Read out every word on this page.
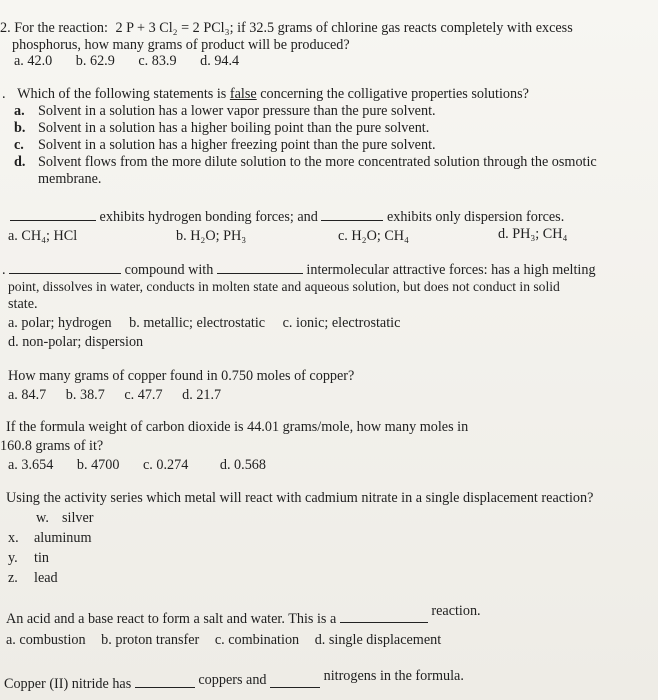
2. For the reaction: 2 P + 3 Cl₂ = 2 PCl₃; if 32.5 grams of chlorine gas reacts completely with excess
phosphorus, how many grams of product will be produced?
a. 42.0 b. 62.9 c. 83.9 d. 94.4
. Which of the following statements is false concerning the colligative properties solutions?
a. Solvent in a solution has a lower vapor pressure than the pure solvent.
b. Solvent in a solution has a higher boiling point than the pure solvent.
c. Solvent in a solution has a higher freezing point than the pure solvent.
d. Solvent flows from the more dilute solution to the more concentrated solution through the osmotic
membrane.
exhibits hydrogen bonding forces; and	exhibits only dispersion forces.
a. CH₄; HCl	b. H₂O; PH₃	c. H₂O; CH₄	d. PH₃; CH₄
.	compound with	intermolecular attractive forces: has a high melting
point, dissolves in water, conducts in molten state and aqueous solution, but does not conduct in solid
state.
a. polar; hydrogen b. metallic; electrostatic c. ionic; electrostatic
d. non-polar; dispersion
How many grams of copper found in 0.750 moles of copper?
a. 84.7 b. 38.7 c. 47.7 d. 21.7
If the formula weight of carbon dioxide is 44.01 grams/mole, how many moles in
160.8 grams of it?
a. 3.654 b. 4700 c. 0.274 d. 0.568
Using the activity series which metal will react with cadmium nitrate in a single displacement reaction?
w. silver
x. aluminum
y. tin
z. lead
An acid and a base react to form a salt and water. This is a	reaction.
a. combustion b. proton transfer c. combination d. single displacement
Copper (II) nitride has	coppers and	nitrogens in the formula.
